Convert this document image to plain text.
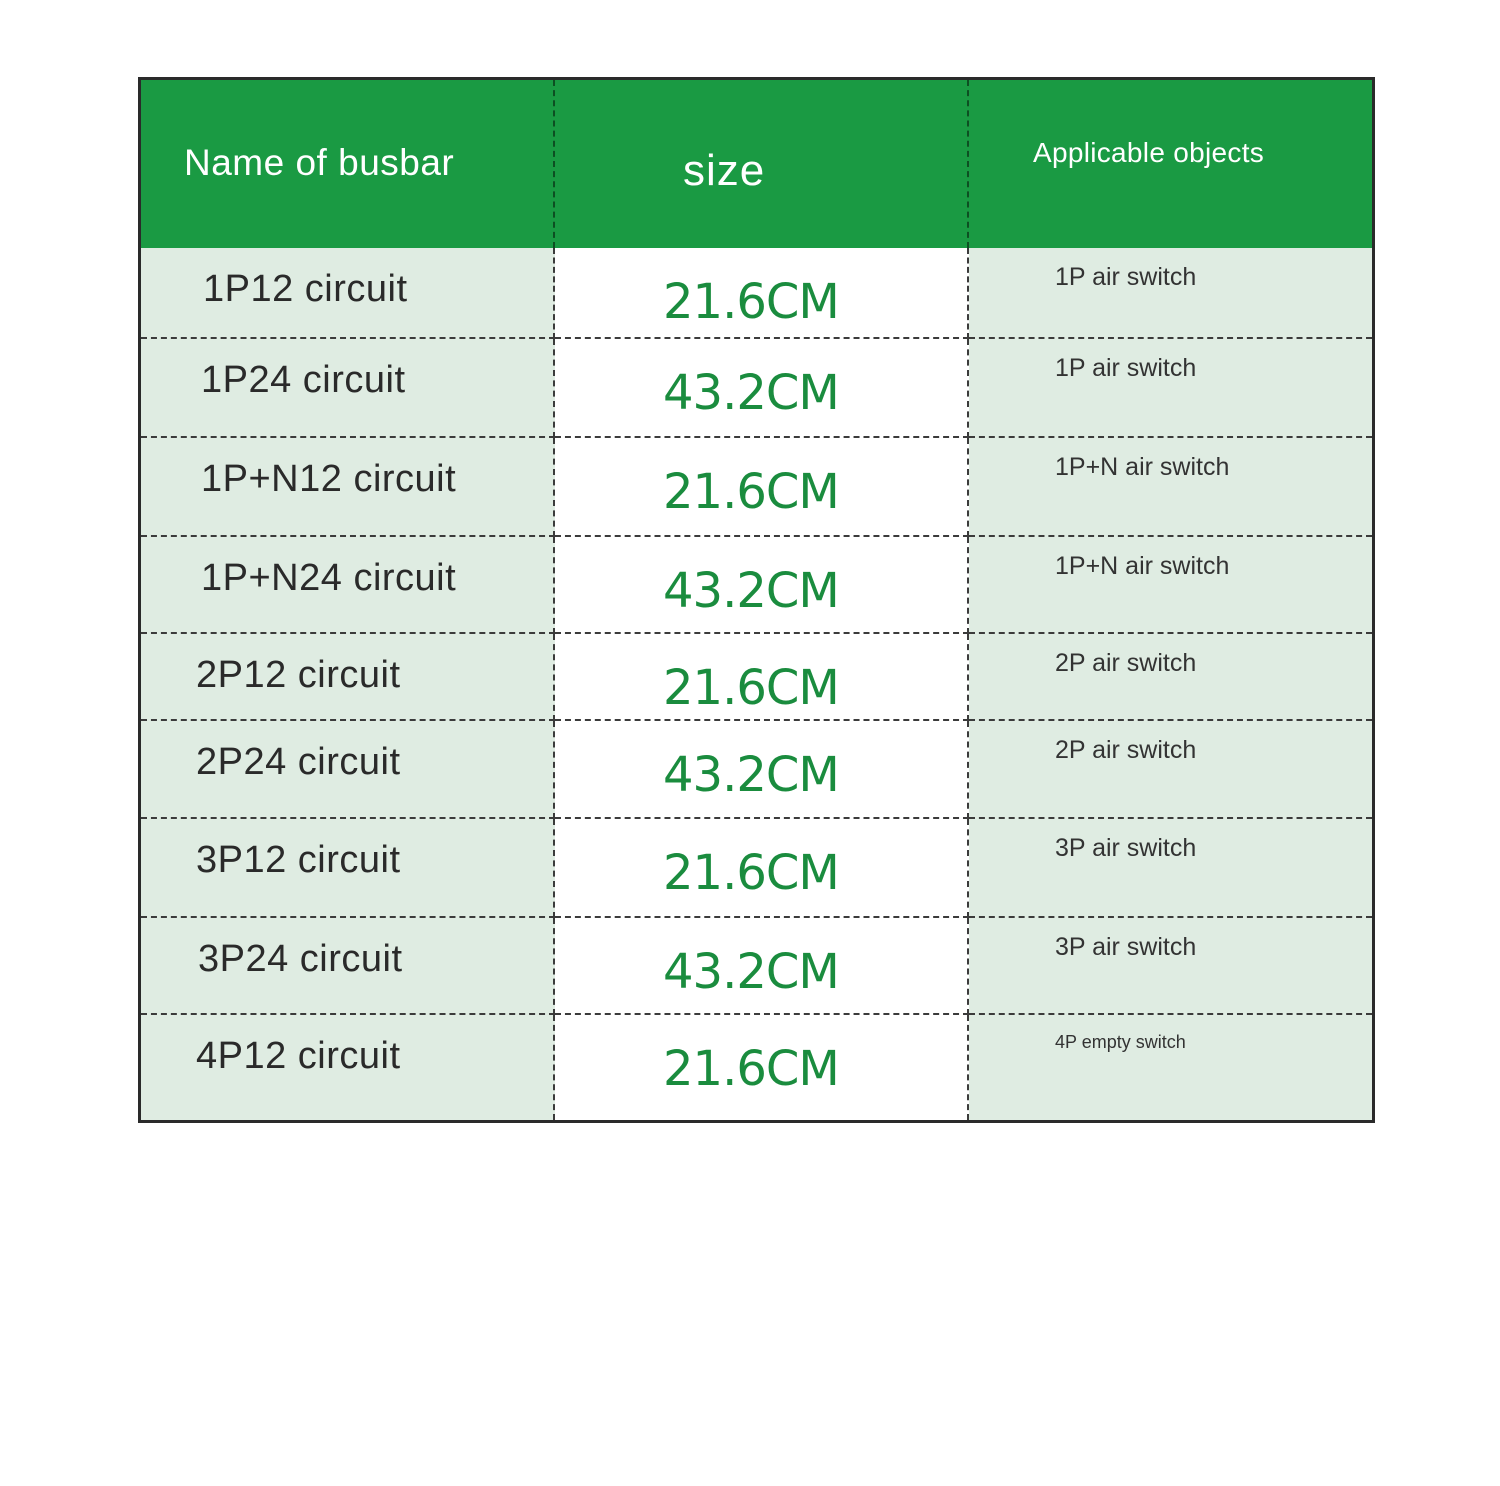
Name of busbar	size	Applicable objects
1P12 circuit	21.6CM	1P air switch
1P24 circuit	43.2CM	1P air switch
1P+N12 circuit	21.6CM	1P+N air switch
1P+N24 circuit	43.2CM	1P+N air switch
2P12 circuit	21.6CM	2P air switch
2P24 circuit	43.2CM	2P air switch
3P12 circuit	21.6CM	3P air switch
3P24 circuit	43.2CM	3P air switch
4P12 circuit	21.6CM	4P empty switch
